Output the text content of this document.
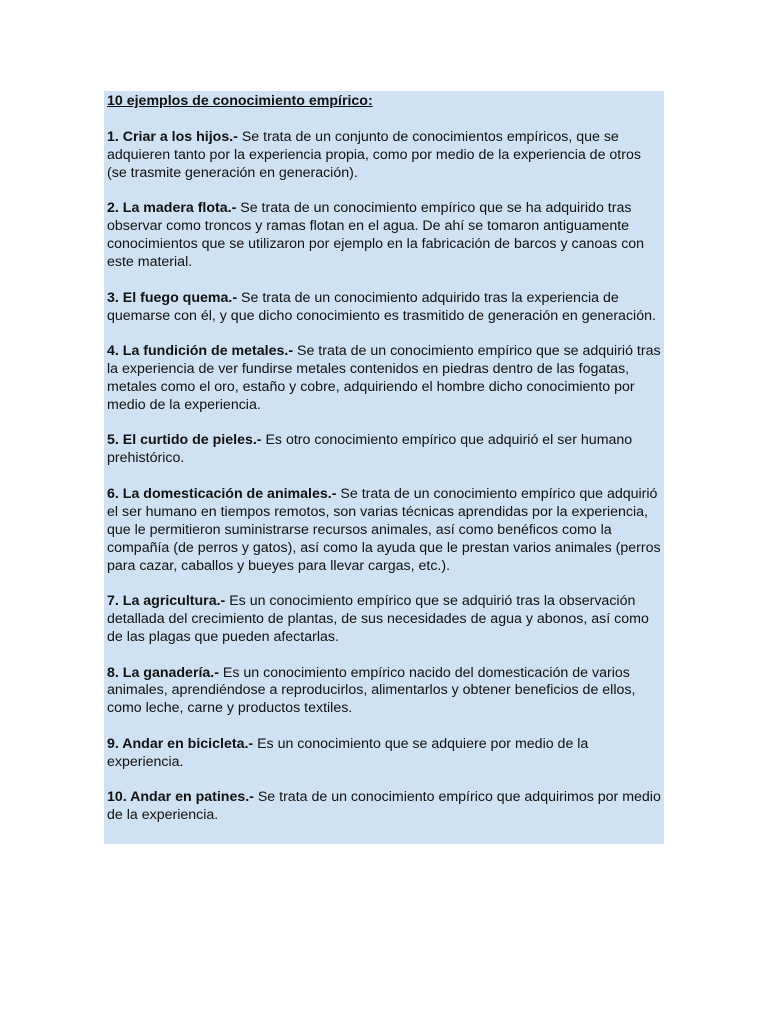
10 ejemplos de conocimiento empírico:

1. Criar a los hijos.- Se trata de un conjunto de conocimientos empíricos, que se adquieren tanto por la experiencia propia, como por medio de la experiencia de otros (se trasmite generación en generación).

2. La madera flota.- Se trata de un conocimiento empírico que se ha adquirido tras observar como troncos y ramas flotan en el agua. De ahí se tomaron antiguamente conocimientos que se utilizaron por ejemplo en la fabricación de barcos y canoas con este material.

3. El fuego quema.- Se trata de un conocimiento adquirido tras la experiencia de quemarse con él, y que dicho conocimiento es trasmitido de generación en generación.

4. La fundición de metales.- Se trata de un conocimiento empírico que se adquirió tras la experiencia de ver fundirse metales contenidos en piedras dentro de las fogatas, metales como el oro, estaño y cobre, adquiriendo el hombre dicho conocimiento por medio de la experiencia.

5. El curtido de pieles.- Es otro conocimiento empírico que adquirió el ser humano prehistórico.

6. La domesticación de animales.- Se trata de un conocimiento empírico que adquirió el ser humano en tiempos remotos, son varias técnicas aprendidas por la experiencia, que le permitieron suministrarse recursos animales, así como benéficos como la compañía (de perros y gatos), así como la ayuda que le prestan varios animales (perros para cazar, caballos y bueyes para llevar cargas, etc.).

7. La agricultura.- Es un conocimiento empírico que se adquirió tras la observación detallada del crecimiento de plantas, de sus necesidades de agua y abonos, así como de las plagas que pueden afectarlas.

8. La ganadería.- Es un conocimiento empírico nacido del domesticación de varios animales, aprendiéndose a reproducirlos, alimentarlos y obtener beneficios de ellos, como leche, carne y productos textiles.

9. Andar en bicicleta.- Es un conocimiento que se adquiere por medio de la experiencia.

10. Andar en patines.- Se trata de un conocimiento empírico que adquirimos por medio de la experiencia.
